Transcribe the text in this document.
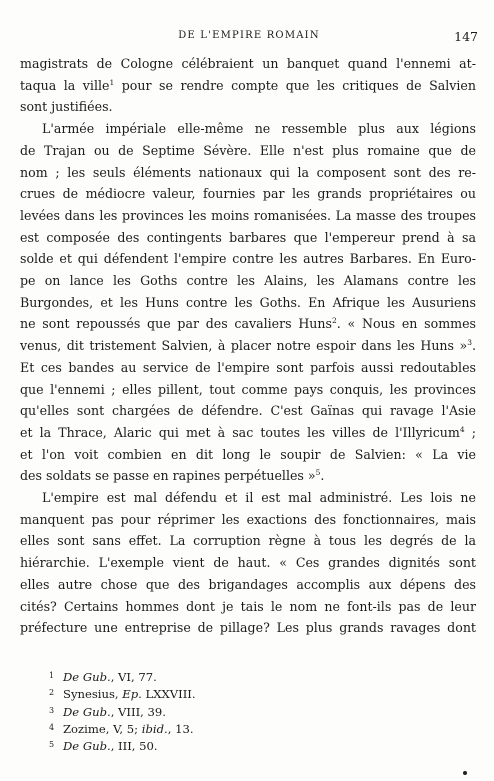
DE L'EMPIRE ROMAIN	147

magistrats de Cologne célébraient un banquet quand l'ennemi at-
taqua la ville$^1$ pour se rendre compte que les critiques de Salvien
sont justifiées.

L'armée impériale elle-même ne ressemble plus aux légions
de Trajan ou de Septime Sévère. Elle n'est plus romaine que de
nom ; les seuls éléments nationaux qui la composent sont des re-
crues de médiocre valeur, fournies par les grands propriétaires ou
levées dans les provinces les moins romanisées. La masse des troupes
est composée des contingents barbares que l'empereur prend à sa
solde et qui défendent l'empire contre les autres Barbares. En Euro-
pe on lance les Goths contre les Alains, les Alamans contre les
Burgondes, et les Huns contre les Goths. En Afrique les Ausuriens
ne sont repoussés que par des cavaliers Huns$^2$. « Nous en sommes
venus, dit tristement Salvien, à placer notre espoir dans les Huns »$^3$.
Et ces bandes au service de l'empire sont parfois aussi redoutables
que l'ennemi ; elles pillent, tout comme pays conquis, les provinces
qu'elles sont chargées de défendre. C'est Gaïnas qui ravage l'Asie
et la Thrace, Alaric qui met à sac toutes les villes de l'Illyricum$^4$ ;
et l'on voit combien en dit long le soupir de Salvien: « La vie
des soldats se passe en rapines perpétuelles »$^5$.

L'empire est mal défendu et il est mal administré. Les lois ne
manquent pas pour réprimer les exactions des fonctionnaires, mais
elles sont sans effet. La corruption règne à tous les degrés de la
hiérarchie. L'exemple vient de haut. « Ces grandes dignités sont
elles autre chose que des brigandages accomplis aux dépens des
cités? Certains hommes dont je tais le nom ne font-ils pas de leur
préfecture une entreprise de pillage? Les plus grands ravages dont

1 De Gub., VI, 77.
2 Synesius, Ep. LXXVIII.
3 De Gub., VIII, 39.
4 Zozime, V, 5; ibid., 13.
5 De Gub., III, 50.
